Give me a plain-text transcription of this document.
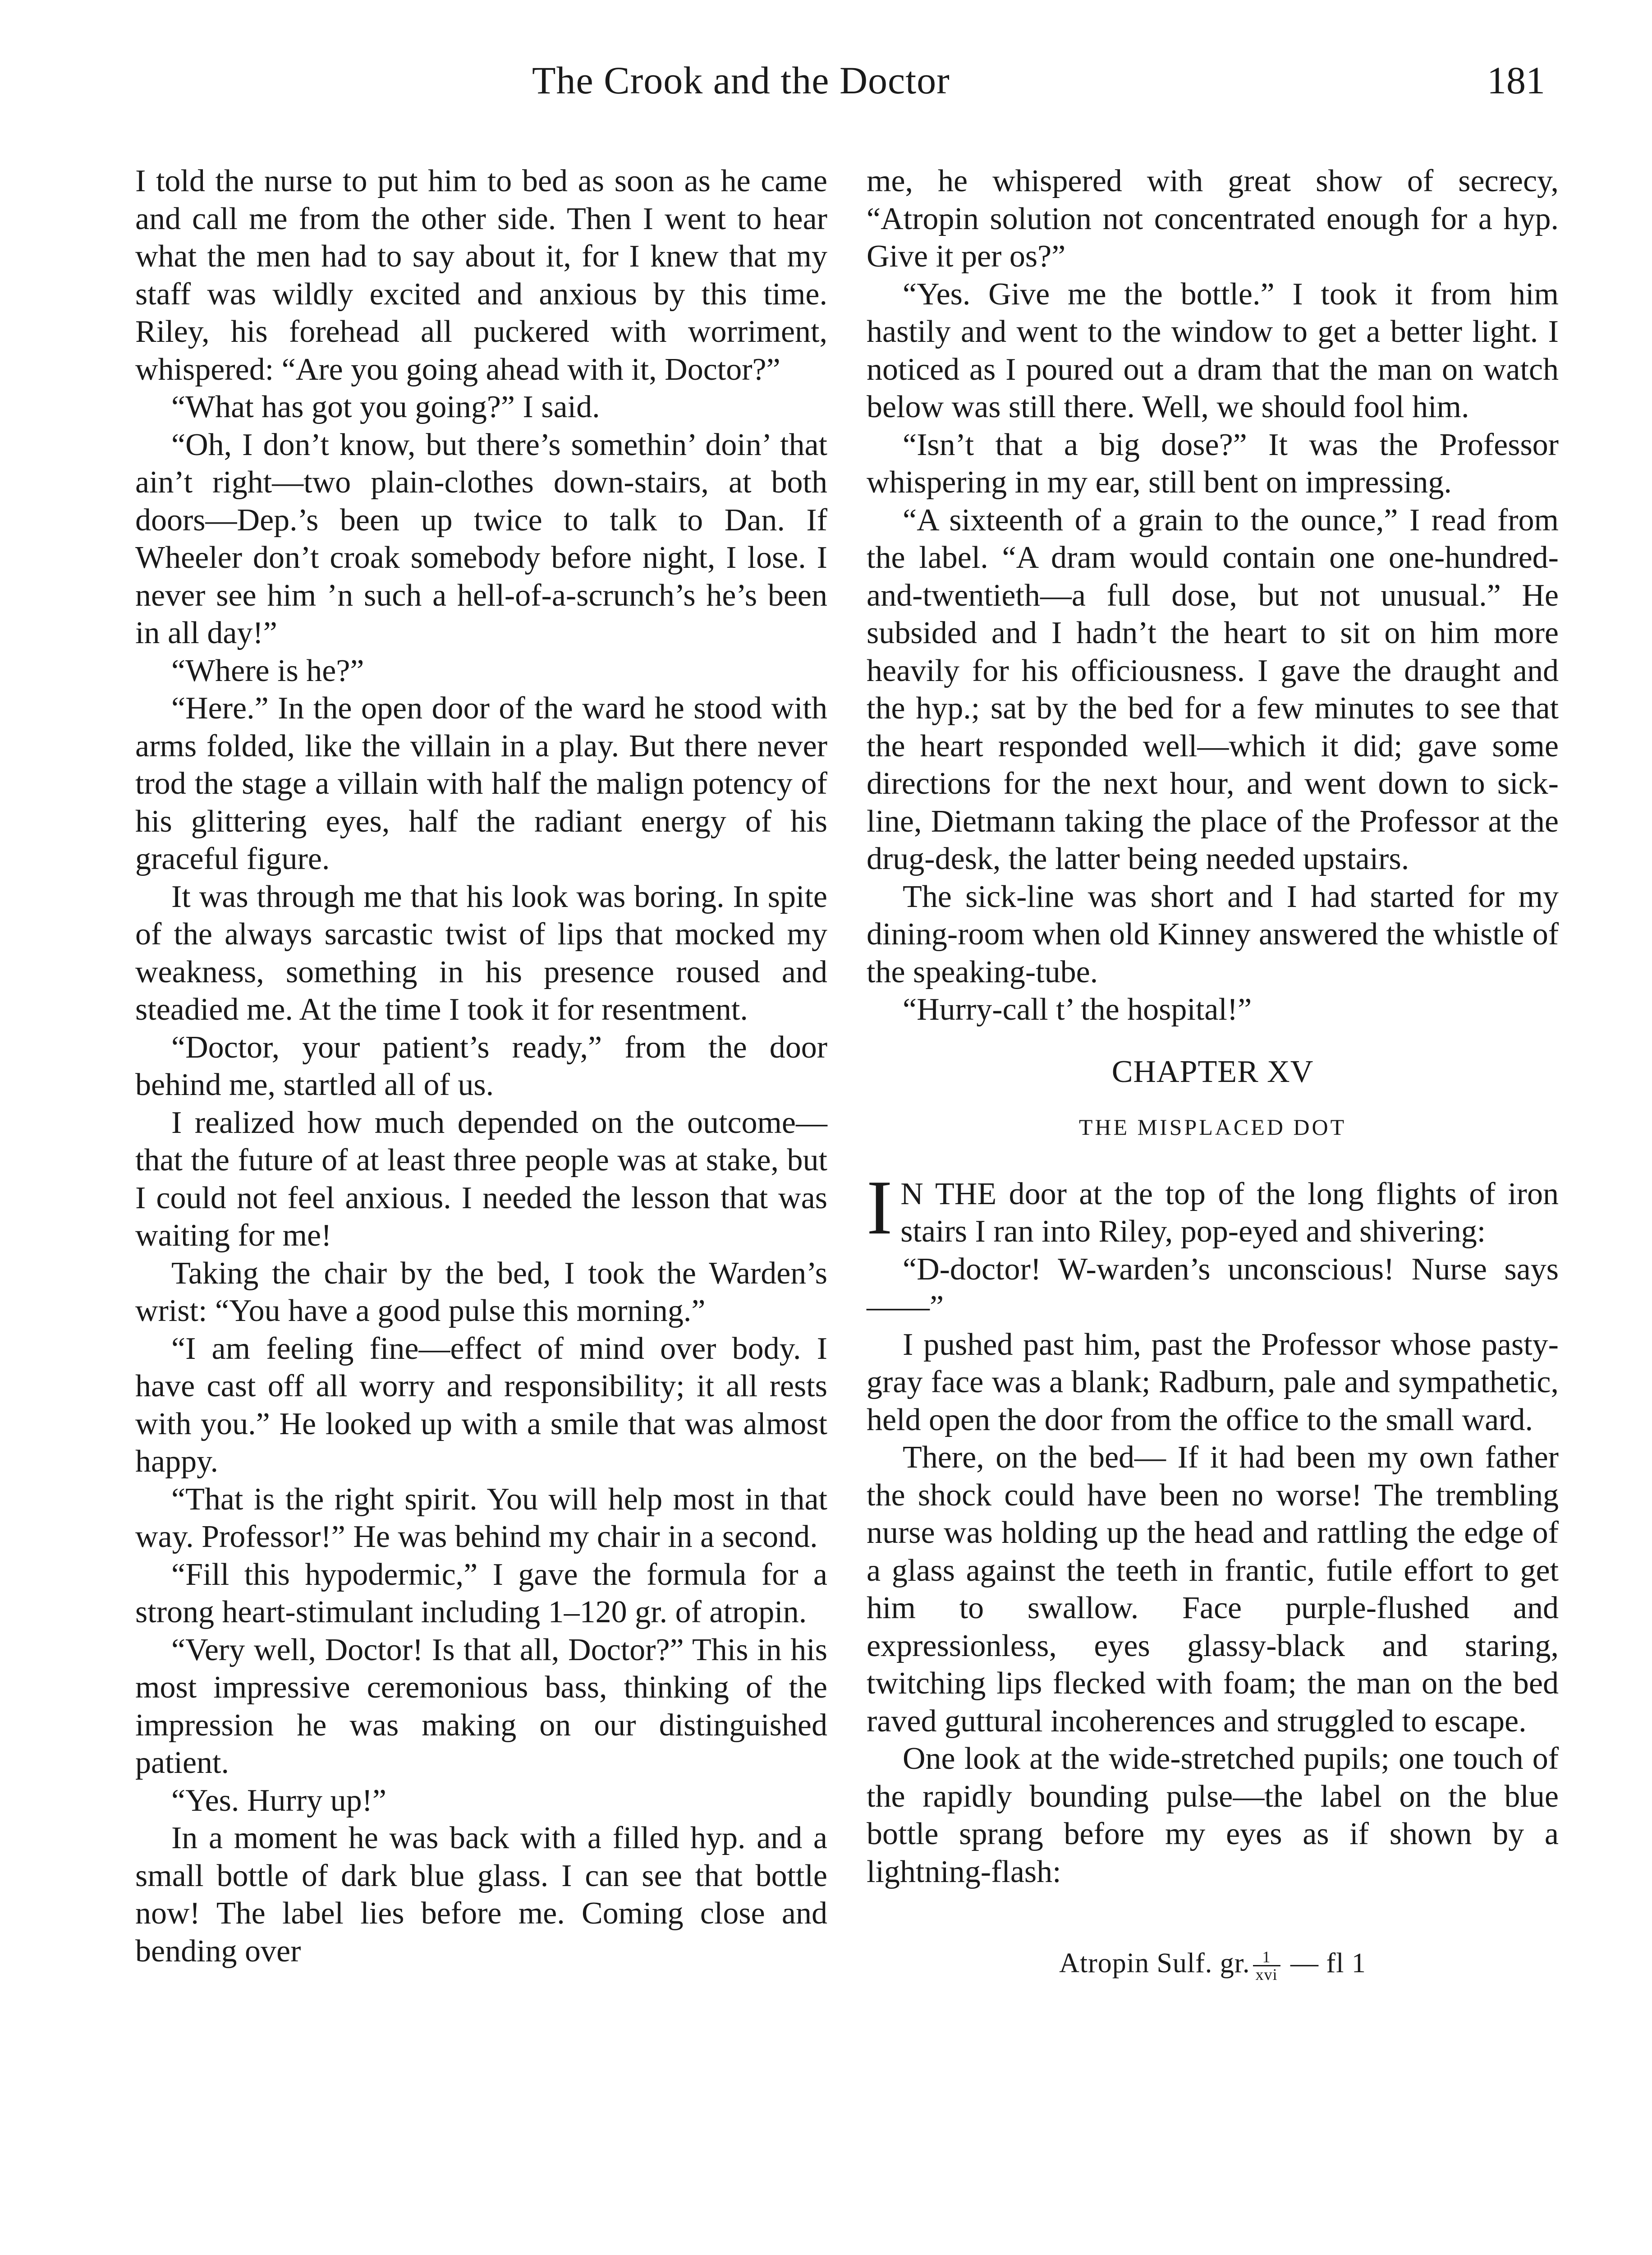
The Crook and the Doctor	181

I told the nurse to put him to bed as soon as he came and call me from the other side. Then I went to hear what the men had to say about it, for I knew that my staff was wildly excited and anxious by this time. Riley, his forehead all puckered with worriment, whispered: “Are you going ahead with it, Doctor?”

“What has got you going?” I said.

“Oh, I don’t know, but there’s somethin’ doin’ that ain’t right—two plain-clothes down-stairs, at both doors—Dep.’s been up twice to talk to Dan. If Wheeler don’t croak somebody before night, I lose. I never see him ’n such a hell-of-a-scrunch’s he’s been in all day!”

“Where is he?”

“Here.” In the open door of the ward he stood with arms folded, like the villain in a play. But there never trod the stage a villain with half the malign potency of his glittering eyes, half the radiant energy of his graceful figure.

It was through me that his look was boring. In spite of the always sarcastic twist of lips that mocked my weakness, something in his presence roused and steadied me. At the time I took it for resentment.

“Doctor, your patient’s ready,” from the door behind me, startled all of us.

I realized how much depended on the outcome—that the future of at least three people was at stake, but I could not feel anxious. I needed the lesson that was waiting for me!

Taking the chair by the bed, I took the Warden’s wrist: “You have a good pulse this morning.”

“I am feeling fine—effect of mind over body. I have cast off all worry and responsibility; it all rests with you.” He looked up with a smile that was almost happy.

“That is the right spirit. You will help most in that way. Professor!” He was behind my chair in a second.

“Fill this hypodermic,” I gave the formula for a strong heart-stimulant including 1–120 gr. of atropin.

“Very well, Doctor! Is that all, Doctor?” This in his most impressive ceremonious bass, thinking of the impression he was making on our distinguished patient.

“Yes. Hurry up!”

In a moment he was back with a filled hyp. and a small bottle of dark blue glass. I can see that bottle now! The label lies before me. Coming close and bending over

me, he whispered with great show of secrecy, “Atropin solution not concentrated enough for a hyp. Give it per os?”

“Yes. Give me the bottle.” I took it from him hastily and went to the window to get a better light. I noticed as I poured out a dram that the man on watch below was still there. Well, we should fool him.

“Isn’t that a big dose?” It was the Professor whispering in my ear, still bent on impressing.

“A sixteenth of a grain to the ounce,” I read from the label. “A dram would contain one one-hundred-and-twentieth—a full dose, but not unusual.” He subsided and I hadn’t the heart to sit on him more heavily for his officiousness. I gave the draught and the hyp.; sat by the bed for a few minutes to see that the heart responded well—which it did; gave some directions for the next hour, and went down to sick-line, Dietmann taking the place of the Professor at the drug-desk, the latter being needed upstairs.

The sick-line was short and I had started for my dining-room when old Kinney answered the whistle of the speaking-tube.

“Hurry-call t’ the hospital!”

CHAPTER XV
THE MISPLACED DOT

I N THE door at the top of the long flights of iron stairs I ran into Riley, pop-eyed and shivering:

“D-doctor! W-warden’s unconscious! Nurse says——”

I pushed past him, past the Professor whose pasty-gray face was a blank; Radburn, pale and sympathetic, held open the door from the office to the small ward.

There, on the bed— If it had been my own father the shock could have been no worse! The trembling nurse was holding up the head and rattling the edge of a glass against the teeth in frantic, futile effort to get him to swallow. Face purple-flushed and expressionless, eyes glassy-black and staring, twitching lips flecked with foam; the man on the bed raved guttural incoherences and struggled to escape.

One look at the wide-stretched pupils; one touch of the rapidly bounding pulse—the label on the blue bottle sprang before my eyes as if shown by a lightning-flash:

Atropin Sulf. gr. 1
xvi — fl 1
